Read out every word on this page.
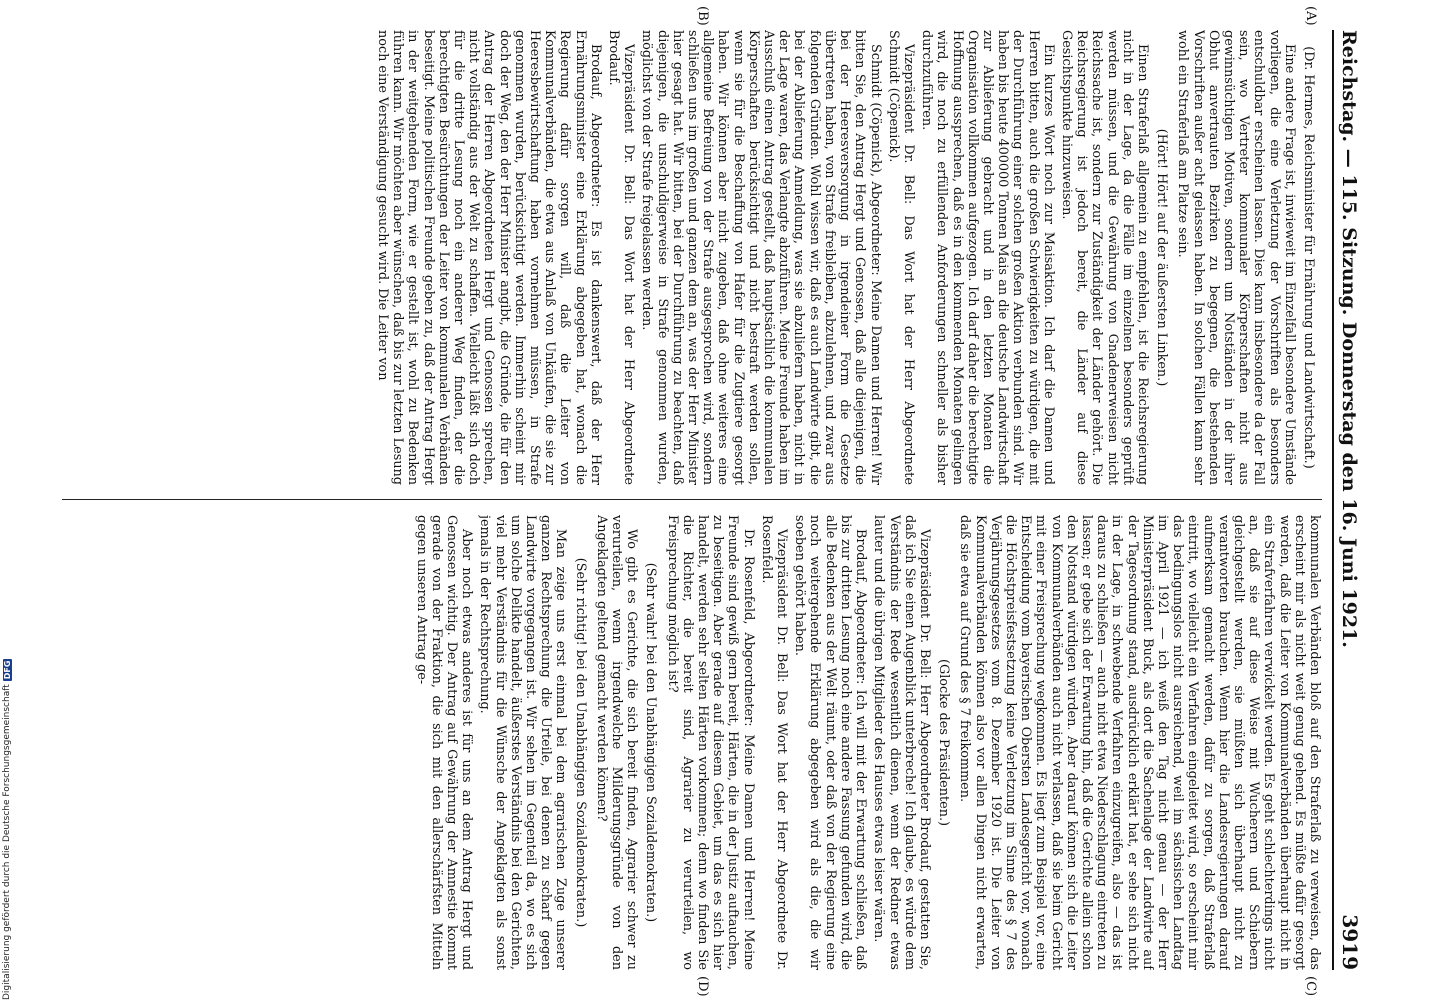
Reichstag. — 115. Sitzung. Donnerstag den 16. Juni 1921.
3919
(A)
(B)
(C)
(D)

(Dr. Hermes, Reichsminister für Ernährung und Landwirtschaft.)

Eine andere Frage ist, inwieweit im Einzelfall besondere Umstände vorliegen, die eine Verletzung der Vorschriften als besonders entschuldbar erscheinen lassen. Dies kann insbesondere da der Fall sein, wo Vertreter kommunaler Körperschaften nicht aus gewinnsüchtigen Motiven, sondern um Notständen in der ihrer Obhut anvertrauten Bezirken zu begegnen, die bestehenden Vorschriften außer acht gelassen haben. In solchen Fällen kann sehr wohl ein Straferlaß am Platze sein.

(Hört! Hört! auf der äußersten Linken.)

Einen Straferlaß allgemein zu empfehlen, ist die Reichsregierung nicht in der Lage, da die Fälle im einzelnen besonders geprüft werden müssen, und die Gewährung von Gnadenerweisen nicht Reichssache ist, sondern zur Zuständigkeit der Länder gehört. Die Reichsregierung ist jedoch bereit, die Länder auf diese Gesichtspunkte hinzuweisen.

Ein kurzes Wort noch zur Maisaktion. Ich darf die Damen und Herren bitten, auch die großen Schwierigkeiten zu würdigen, die mit der Durchführung einer solchen großen Aktion verbunden sind. Wir haben bis heute 400000 Tonnen Mais an die deutsche Landwirtschaft zur Ablieferung gebracht und in den letzten Monaten die Organisation vollkommen aufgezogen. Ich darf daher die berechtigte Hoffnung aussprechen, daß es in den kommenden Monaten gelingen wird, die noch zu erfüllenden Anforderungen schneller als bisher durchzuführen.

Vizepräsident Dr. Bell: Das Wort hat der Herr Abgeordnete Schmidt (Cöpenick).

Schmidt (Cöpenick), Abgeordneter: Meine Damen und Herren! Wir bitten Sie, den Antrag Hergt und Genossen, daß alle diejenigen, die bei der Heeresversorgung in irgendeiner Form die Gesetze übertreten haben, von Strafe freibleiben, abzulehnen, und zwar aus folgenden Gründen. Wohl wissen wir, daß es auch Landwirte gibt, die bei der Ablieferung Anmeldung, was sie abzuliefern haben, nicht in der Lage waren, das Verlangte abzuführen. Meine Freunde haben im Ausschuß einen Antrag gestellt, daß hauptsächlich die kommunalen Körperschaften berücksichtigt und nicht bestraft werden sollen, wenn sie für die Beschaffung von Hafer für die Zugtiere gesorgt haben. Wir können aber nicht zugeben, daß ohne weiteres eine allgemeine Befreiung von der Strafe ausgesprochen wird, sondern schließen uns im großen und ganzen dem an, was der Herr Minister hier gesagt hat. Wir bitten, bei der Durchführung zu beachten, daß diejenigen, die unschuldigerweise in Strafe genommen wurden, möglichst von der Strafe freigelassen werden.

Vizepräsident Dr. Bell: Das Wort hat der Herr Abgeordnete Brodauf.

Brodauf, Abgeordneter: Es ist dankenswert, daß der Herr Ernährungsminister eine Erklärung abgegeben hat, wonach die Regierung dafür sorgen will, daß die Leiter von Kommunalverbänden, die etwa aus Anlaß von Unkäufen, die sie zur Heeresbewirtschaftung haben vornehmen müssen, in Strafe genommen wurden, berücksichtigt werden. Immerhin scheint mir doch der Weg, den der Herr Minister angibt, die Gründe, die für den Antrag der Herren Abgeordneten Hergt und Genossen sprechen, nicht vollständig aus der Welt zu schaffen. Vielleicht läßt sich doch für die dritte Lesung noch ein anderer Weg finden, der die berechtigten Besürchtungen der Leiter von kommunalen Verbänden beseitigt. Meine politischen Freunde geben zu, daß der Antrag Hergt in der weitgehenden Form, wie er gestellt ist, wohl zu Bedenken führen kann. Wir möchten aber wünschen, daß bis zur letzten Lesung noch eine Verständigung gesucht wird. Die Leiter von

kommunalen Verbänden bloß auf den Straferlaß zu verweisen, das erscheint mir als nicht weit genug gehend. Es müßte dafür gesorgt werden, daß die Leiter von Kommunalverbänden überhaupt nicht in ein Strafverfahren verwickelt werden. Es geht schlechterdings nicht an, daß sie auf diese Weise mit Wucherern und Schiebern gleichgestellt werden, sie müßten sich überhaupt nicht zu verantworten brauchen. Wenn hier die Landesregierungen darauf aufmerksam gemacht werden, dafür zu sorgen, daß Straferlaß eintritt, wo vielleicht ein Verfahren eingeleitet wird, so erscheint mir das bedingungslos nicht ausreichend, weil im sächsischen Landtag im April 1921 — ich weiß den Tag nicht genau — der Herr Ministerpräsident Buck, als dort die Sachenlage der Landwirte auf der Tagesordnung stand, ausdrücklich erklärt hat, er sehe sich nicht in der Lage, in schwebende Verfahren einzugreifen, also — das ist daraus zu schließen — auch nicht etwa Niederschlagung eintreten zu lassen; er gebe sich der Erwartung hin, daß die Gerichte allein schon den Notstand würdigen würden. Aber darauf können sich die Leiter von Kommunalverbänden auch nicht verlassen, daß sie beim Gericht mit einer Freisprechung wegkommen. Es liegt zum Beispiel vor, eine Entscheidung vom bayerischen Obersten Landesgericht vor, wonach die Höchstpreisfestsetzung keine Verletzung im Sinne des § 7 des Verjährungsgesetzes vom 8. Dezember 1920 ist. Die Leiter von Kommunalverbänden können also vor allen Dingen nicht erwarten, daß sie etwa auf Grund des § 7 freikommen.

(Glocke des Präsidenten.)

Vizepräsident Dr. Bell: Herr Abgeordneter Brodauf, gestatten Sie, daß ich Sie einen Augenblick unterbreche! Ich glaube, es würde dem Verständnis der Rede wesentlich dienen, wenn der Redner etwas lauter und die übrigen Mitglieder des Hauses etwas leiser wären.

Brodauf, Abgeordneter: Ich will mit der Erwartung schließen, daß bis zur dritten Lesung noch eine andere Fassung gefunden wird, die alle Bedenken aus der Welt räumt, oder daß von der Regierung eine noch weitergehende Erklärung abgegeben wird als die, die wir soeben gehört haben.

Vizepräsident Dr. Bell: Das Wort hat der Herr Abgeordnete Dr. Rosenfeld.

Dr. Rosenfeld, Abgeordneter: Meine Damen und Herren! Meine Freunde sind gewiß gern bereit, Härten, die in der Justiz auftauchen, zu beseitigen. Aber gerade auf diesem Gebiet, um das es sich hier handelt, werden sehr selten Härten vorkommen; denn wo finden Sie die Richter, die bereit sind, Agrarier zu verurteilen, wo Freisprechung möglich ist?

(Sehr wahr! bei den Unabhängigen Sozialdemokraten.)

Wo gibt es Gerichte, die sich bereit finden, Agrarier schwer zu verurteilen, wenn irgendwelche Milderungsgründe von den Angeklagten geltend gemacht werden können?

(Sehr richtig! bei den Unabhängigen Sozialdemokraten.)

Man zeige uns erst einmal bei dem agrarischen Zuge unserer ganzen Rechtsprechung die Urteile, bei denen zu scharf gegen Landwirte vorgegangen ist. Wir sehen im Gegenteil da, wo es sich um solche Delikte handelt, äußerstes Verständnis bei den Gerichten, viel mehr Verständnis für die Wünsche der Angeklagten als sonst jemals in der Rechtsprechung.

Aber noch etwas anderes ist für uns an dem Antrag Hergt und Genossen wichtig. Der Antrag auf Gewährung der Amnestie kommt gerade von der Fraktion, die sich mit den allerschärfsten Mitteln gegen unseren Antrag ge-

Digitalisierung gefördert durch die Deutsche Forschungsgemeinschaft
DFG
